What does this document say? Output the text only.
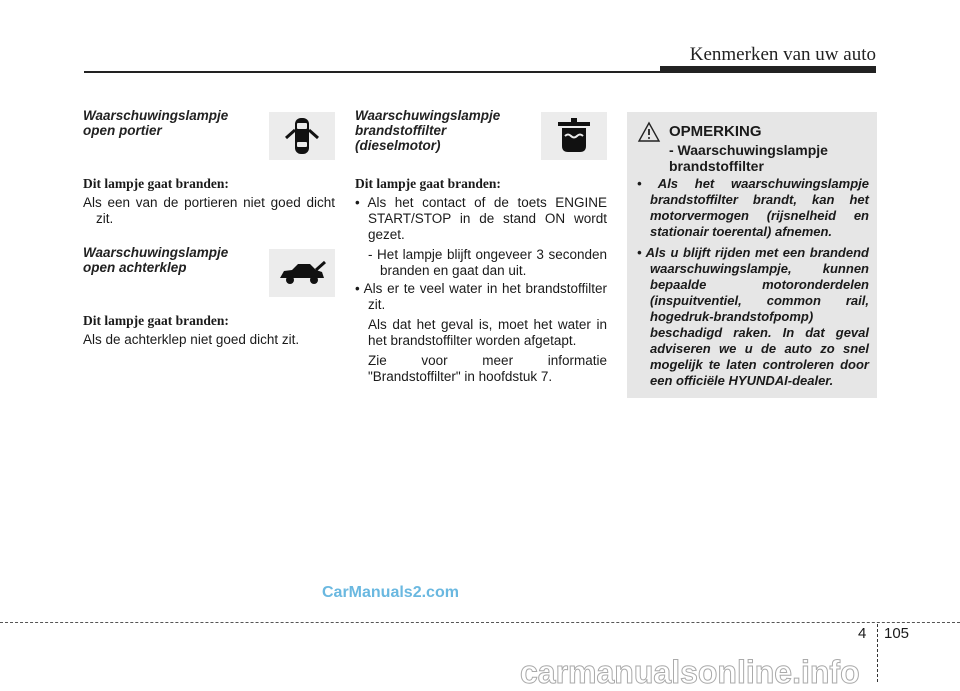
Kenmerken van uw auto
Waarschuwingslampje
open portier
Dit lampje gaat branden:
Als een van de portieren niet goed dicht zit.
Waarschuwingslampje
open achterklep
Dit lampje gaat branden:
Als de achterklep niet goed dicht zit.
Waarschuwingslampje
brandstoffilter
(dieselmotor)
Dit lampje gaat branden:
• Als het contact of de toets ENGINE START/STOP in de stand ON wordt gezet.
- Het lampje blijft ongeveer 3 seconden branden en gaat dan uit.
• Als er te veel water in het brandstoffilter zit.
Als dat het geval is, moet het water in het brandstoffilter worden afgetapt.
Zie voor meer informatie "Brandstoffilter" in hoofdstuk 7.
OPMERKING
- Waarschuwingslampje brandstoffilter
• Als het waarschuwingslampje brandstoffilter brandt, kan het motorvermogen (rijsnelheid en stationair toerental) afnemen.
• Als u blijft rijden met een brandend waarschuwingslampje, kunnen bepaalde motoronderdelen (inspuitventiel, common rail, hogedruk-brandstofpomp) beschadigd raken. In dat geval adviseren we u de auto zo snel mogelijk te laten controleren door een officiële HYUNDAI-dealer.
CarManuals2.com
4 105
carmanualsonline.info
